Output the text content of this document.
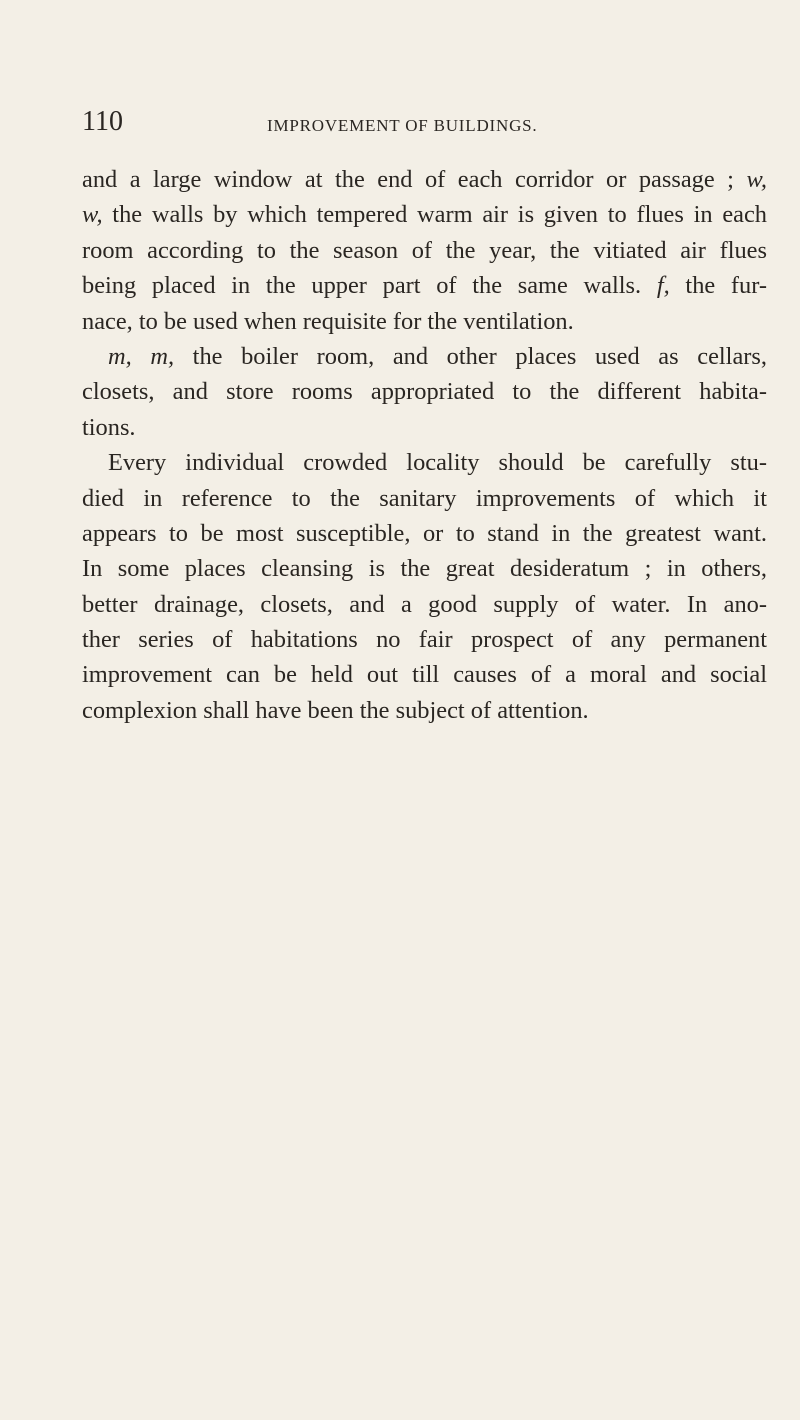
110	IMPROVEMENT OF BUILDINGS.
and a large window at the end of each corridor or passage ; w,
w, the walls by which tempered warm air is given to flues in each
room according to the season of the year, the vitiated air flues
being placed in the upper part of the same walls. f, the fur-
nace, to be used when requisite for the ventilation.
m, m, the boiler room, and other places used as cellars,
closets, and store rooms appropriated to the different habita-
tions.
Every individual crowded locality should be carefully stu-
died in reference to the sanitary improvements of which it
appears to be most susceptible, or to stand in the greatest want.
In some places cleansing is the great desideratum ; in others,
better drainage, closets, and a good supply of water. In ano-
ther series of habitations no fair prospect of any permanent
improvement can be held out till causes of a moral and social
complexion shall have been the subject of attention.
